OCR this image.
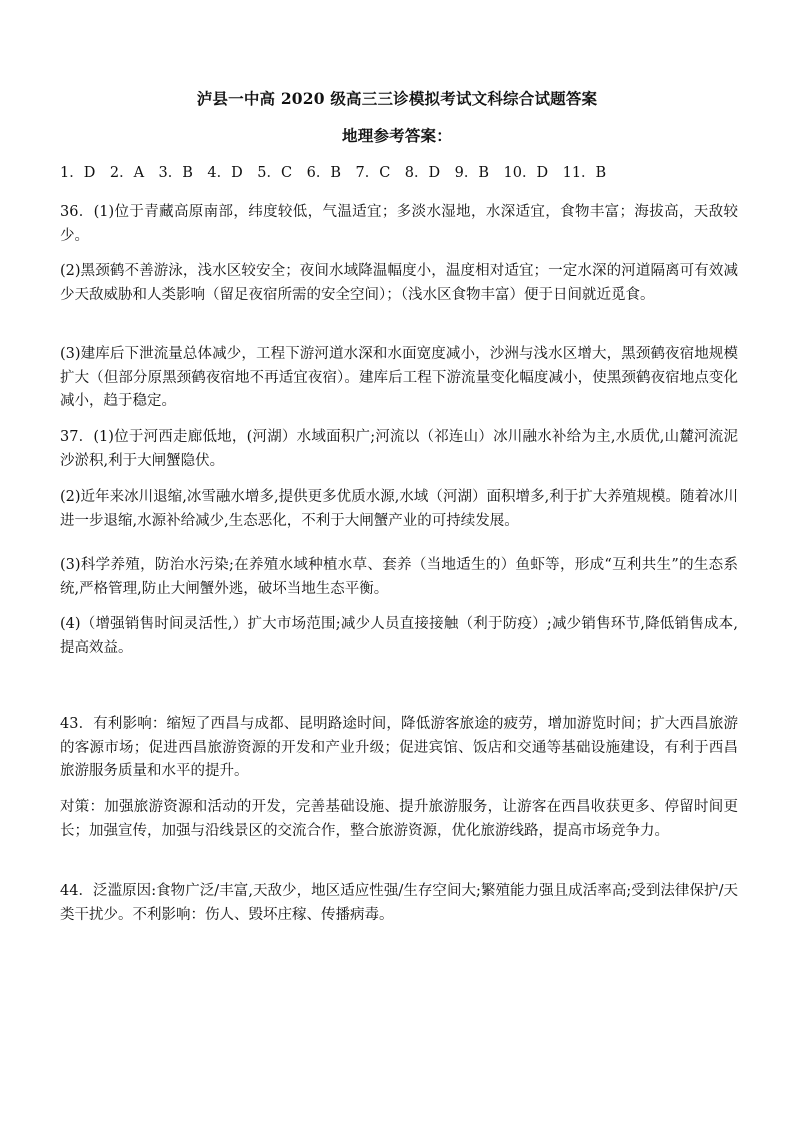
泸县一中高 2020 级高三三诊模拟考试文科综合试题答案
地理参考答案：
1．D　2．A　3．B　4．D　5．C　6．B　7．C　8．D　9．B　10．D　11．B
36．(1)位于青藏高原南部，纬度较低，气温适宜；多淡水湿地，水深适宜，食物丰富；海拔高，天敌较少。
(2)黑颈鹤不善游泳，浅水区较安全；夜间水域降温幅度小，温度相对适宜；一定水深的河道隔离可有效减少天敌威胁和人类影响（留足夜宿所需的安全空间）；（浅水区食物丰富）便于日间就近觅食。
(3)建库后下泄流量总体减少，工程下游河道水深和水面宽度减小，沙洲与浅水区增大，黑颈鹤夜宿地规模扩大（但部分原黑颈鹤夜宿地不再适宜夜宿）。建库后工程下游流量变化幅度减小，使黑颈鹤夜宿地点变化减小，趋于稳定。
37．(1)位于河西走廊低地，(河湖）水域面积广;河流以（祁连山）冰川融水补给为主,水质优,山麓河流泥沙淤积,利于大闸蟹隐伏。
(2)近年来冰川退缩,冰雪融水增多,提供更多优质水源,水域（河湖）面积增多,利于扩大养殖规模。随着冰川进一步退缩,水源补给减少,生态恶化，不利于大闸蟹产业的可持续发展。
(3)科学养殖，防治水污染;在养殖水域种植水草、套养（当地适生的）鱼虾等，形成“互利共生”的生态系统,严格管理,防止大闸蟹外逃，破坏当地生态平衡。
(4)（增强销售时间灵活性,）扩大市场范围;减少人员直接接触（利于防疫）;减少销售环节,降低销售成本,提高效益。
43．有利影响：缩短了西昌与成都、昆明路途时间，降低游客旅途的疲劳，增加游览时间；扩大西昌旅游的客源市场；促进西昌旅游资源的开发和产业升级；促进宾馆、饭店和交通等基础设施建设，有利于西昌旅游服务质量和水平的提升。
对策：加强旅游资源和活动的开发，完善基础设施、提升旅游服务，让游客在西昌收获更多、停留时间更长；加强宣传，加强与沿线景区的交流合作，整合旅游资源，优化旅游线路，提高市场竞争力。
44．泛滥原因:食物广泛/丰富,天敌少，地区适应性强/生存空间大;繁殖能力强且成活率高;受到法律保护/天类干扰少。不利影响：伤人、毁坏庄稼、传播病毒。
